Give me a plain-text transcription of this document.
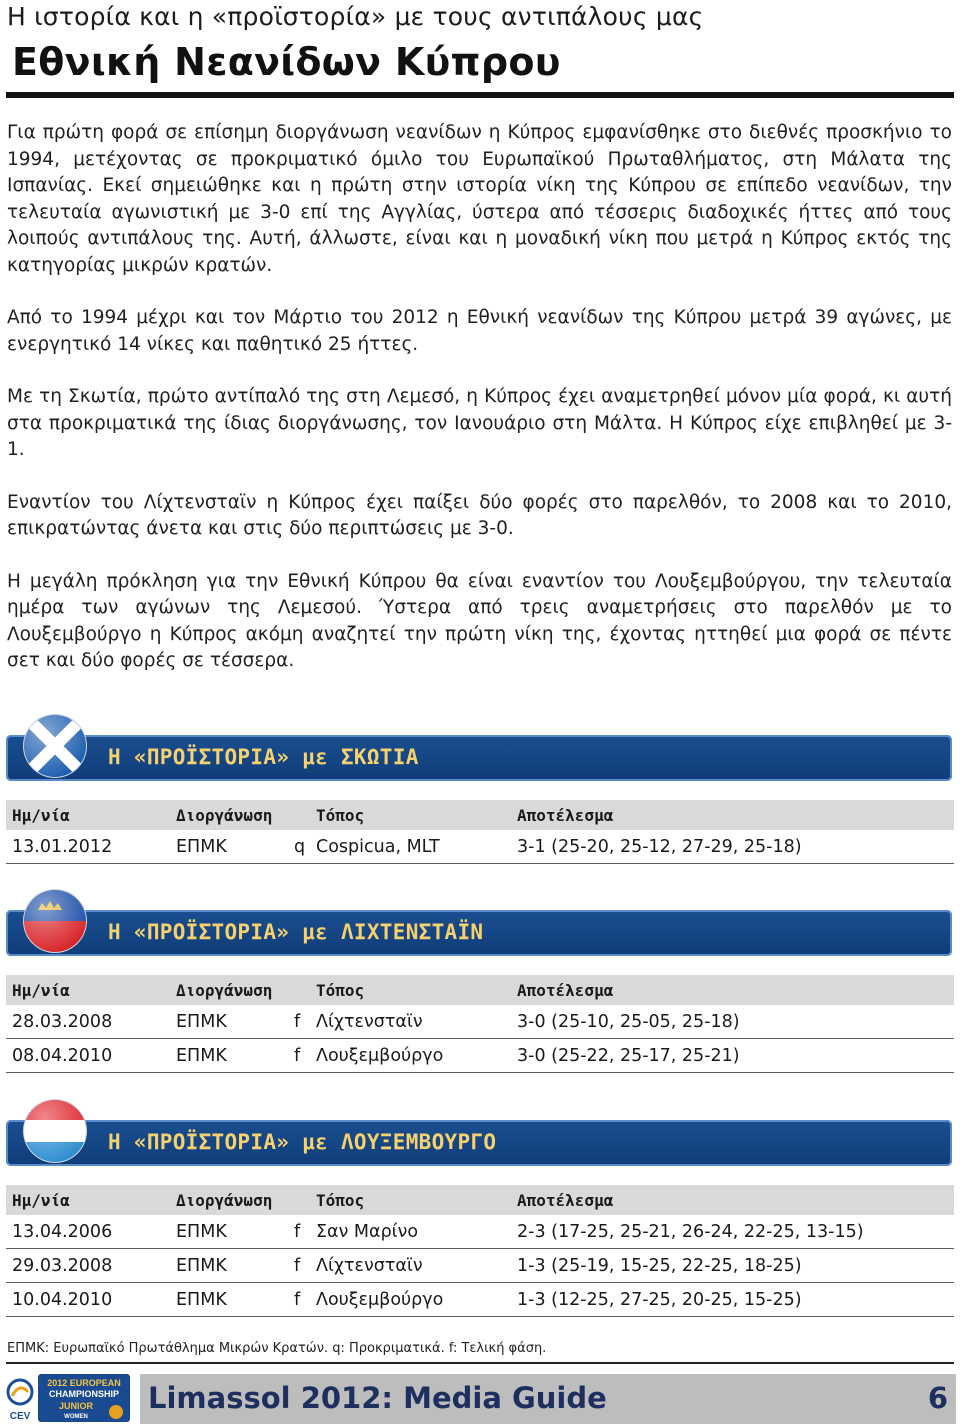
Η ιστορία και η «προϊστορία» με τους αντιπάλους μας
Εθνική Νεανίδων Κύπρου

Για πρώτη φορά σε επίσημη διοργάνωση νεανίδων η Κύπρος εμφανίσθηκε στο διεθνές προσκήνιο το 1994, μετέχοντας σε προκριματικό όμιλο του Ευρωπαϊκού Πρωταθλήματος, στη Μάλατα της Ισπανίας. Εκεί σημειώθηκε και η πρώτη στην ιστορία νίκη της Κύπρου σε επίπεδο νεανίδων, την τελευταία αγωνιστική με 3-0 επί της Αγγλίας, ύστερα από τέσσερις διαδοχικές ήττες από τους λοιπούς αντιπάλους της. Αυτή, άλλωστε, είναι και η μοναδική νίκη που μετρά η Κύπρος εκτός της κατηγορίας μικρών κρατών.

Από το 1994 μέχρι και τον Μάρτιο του 2012 η Εθνική νεανίδων της Κύπρου μετρά 39 αγώνες, με ενεργητικό 14 νίκες και παθητικό 25 ήττες.

Με τη Σκωτία, πρώτο αντίπαλό της στη Λεμεσό, η Κύπρος έχει αναμετρηθεί μόνον μία φορά, κι αυτή στα προκριματικά της ίδιας διοργάνωσης, τον Ιανουάριο στη Μάλτα. Η Κύπρος είχε επιβληθεί με 3-1.

Εναντίον του Λίχτενσταϊν η Κύπρος έχει παίξει δύο φορές στο παρελθόν, το 2008 και το 2010, επικρατώντας άνετα και στις δύο περιπτώσεις με 3-0.

Η μεγάλη πρόκληση για την Εθνική Κύπρου θα είναι εναντίον του Λουξεμβούργου, την τελευταία ημέρα των αγώνων της Λεμεσού. Ύστερα από τρεις αναμετρήσεις στο παρελθόν με το Λουξεμβούργο η Κύπρος ακόμη αναζητεί την πρώτη νίκη της, έχοντας ηττηθεί μια φορά σε πέντε σετ και δύο φορές σε τέσσερα.

Η «ΠΡΟΪΣΤΟΡΙΑ» με ΣΚΩΤΙΑ
Ημ/νία	Διοργάνωση		Τόπος	Αποτέλεσμα
13.01.2012	ΕΠΜΚ	q	Cospicua, MLT	3-1 (25-20, 25-12, 27-29, 25-18)
Η «ΠΡΟΪΣΤΟΡΙΑ» με ΛΙΧΤΕΝΣΤΑΪΝ
Ημ/νία	Διοργάνωση		Τόπος	Αποτέλεσμα
28.03.2008	ΕΠΜΚ	f	Λίχτενσταϊν	3-0 (25-10, 25-05, 25-18)
08.04.2010	ΕΠΜΚ	f	Λουξεμβούργο	3-0 (25-22, 25-17, 25-21)
Η «ΠΡΟΪΣΤΟΡΙΑ» με ΛΟΥΞΕΜΒΟΥΡΓΟ
Ημ/νία	Διοργάνωση		Τόπος	Αποτέλεσμα
13.04.2006	ΕΠΜΚ	f	Σαν Μαρίνο	2-3 (17-25, 25-21, 26-24, 22-25, 13-15)
29.03.2008	ΕΠΜΚ	f	Λίχτενσταϊν	1-3 (25-19, 15-25, 22-25, 18-25)
10.04.2010	ΕΠΜΚ	f	Λουξεμβούργο	1-3 (12-25, 27-25, 20-25, 15-25)
ΕΠΜΚ: Ευρωπαϊκό Πρωτάθλημα Μικρών Κρατών. q: Προκριματικά. f: Τελική φάση.
CEV
2012 EUROPEAN
CHAMPIONSHIP
JUNIOR
WOMEN
Limassol 2012: Media Guide	6
